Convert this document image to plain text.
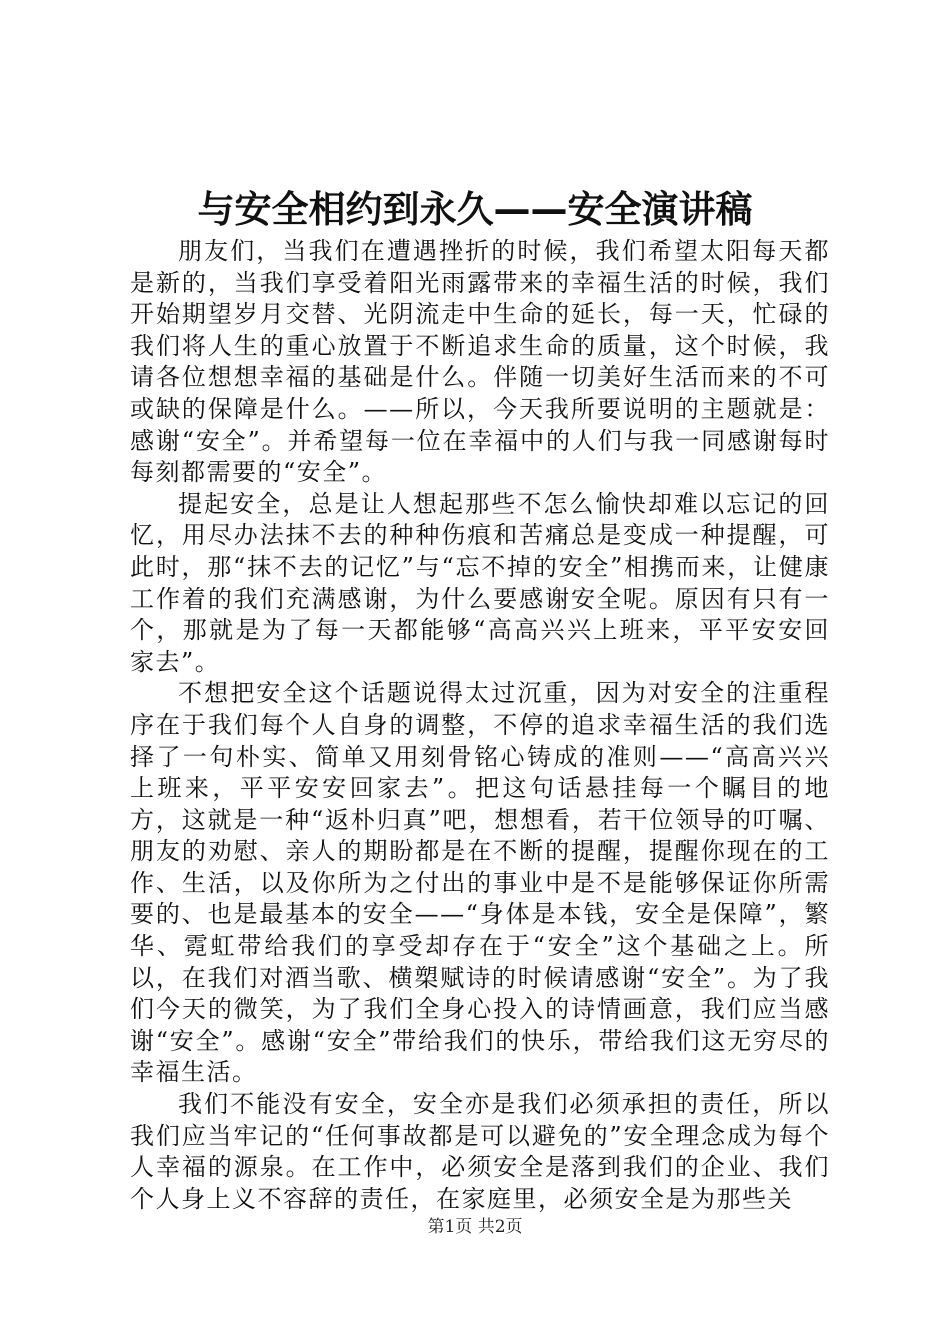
与安全相约到永久——安全演讲稿

朋友们，当我们在遭遇挫折的时候，我们希望太阳每天都是新的，当我们享受着阳光雨露带来的幸福生活的时候，我们开始期望岁月交替、光阴流走中生命的延长，每一天，忙碌的我们将人生的重心放置于不断追求生命的质量，这个时候，我请各位想想幸福的基础是什么。伴随一切美好生活而来的不可或缺的保障是什么。——所以，今天我所要说明的主题就是：感谢“安全”。并希望每一位在幸福中的人们与我一同感谢每时每刻都需要的“安全”。

提起安全，总是让人想起那些不怎么愉快却难以忘记的回忆，用尽办法抹不去的种种伤痕和苦痛总是变成一种提醒，可此时，那“抹不去的记忆”与“忘不掉的安全”相携而来，让健康工作着的我们充满感谢，为什么要感谢安全呢。原因有只有一个，那就是为了每一天都能够“高高兴兴上班来，平平安安回家去”。

不想把安全这个话题说得太过沉重，因为对安全的注重程序在于我们每个人自身的调整，不停的追求幸福生活的我们选择了一句朴实、简单又用刻骨铭心铸成的准则——“高高兴兴上班来，平平安安回家去”。把这句话悬挂每一个瞩目的地方，这就是一种“返朴归真”吧，想想看，若干位领导的叮嘱、朋友的劝慰、亲人的期盼都是在不断的提醒，提醒你现在的工作、生活，以及你所为之付出的事业中是不是能够保证你所需要的、也是最基本的安全——“身体是本钱，安全是保障”，繁华、霓虹带给我们的享受却存在于“安全”这个基础之上。所以，在我们对酒当歌、横槊赋诗的时候请感谢“安全”。为了我们今天的微笑，为了我们全身心投入的诗情画意，我们应当感谢“安全”。感谢“安全”带给我们的快乐，带给我们这无穷尽的幸福生活。

我们不能没有安全，安全亦是我们必须承担的责任，所以我们应当牢记的“任何事故都是可以避免的”安全理念成为每个人幸福的源泉。在工作中，必须安全是落到我们的企业、我们个人身上义不容辞的责任，在家庭里，必须安全是为那些关

第1页 共2页
